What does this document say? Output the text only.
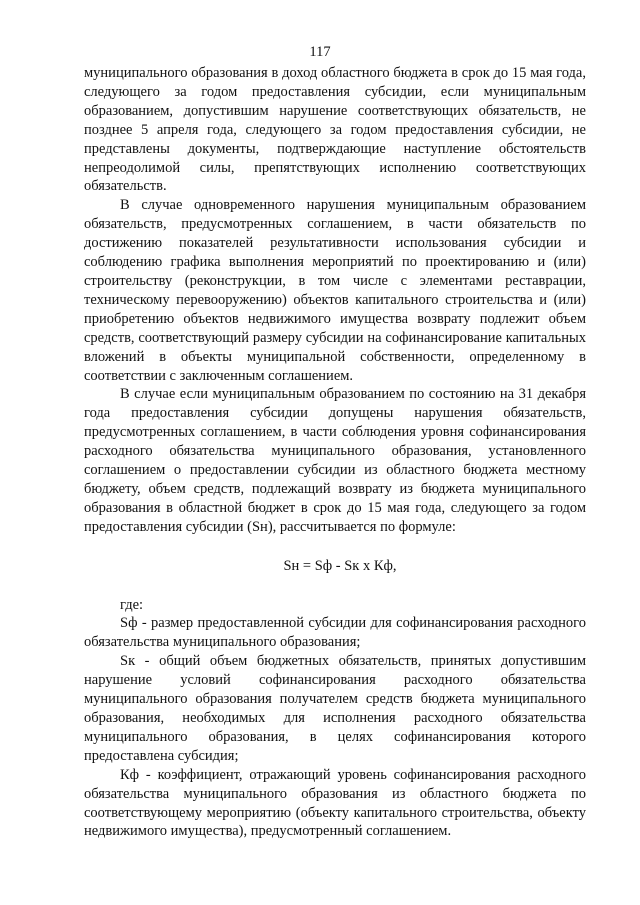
117

муниципального образования в доход областного бюджета в срок до 15 мая года, следующего за годом предоставления субсидии, если муниципальным образованием, допустившим нарушение соответствующих обязательств, не позднее 5 апреля года, следующего за годом предоставления субсидии, не представлены документы, подтверждающие наступление обстоятельств непреодолимой силы, препятствующих исполнению соответствующих обязательств.

В случае одновременного нарушения муниципальным образованием обязательств, предусмотренных соглашением, в части обязательств по достижению показателей результативности использования субсидии и соблюдению графика выполнения мероприятий по проектированию и (или) строительству (реконструкции, в том числе с элементами реставрации, техническому перевооружению) объектов капитального строительства и (или) приобретению объектов недвижимого имущества возврату подлежит объем средств, соответствующий размеру субсидии на софинансирование капитальных вложений в объекты муниципальной собственности, определенному в соответствии с заключенным соглашением.

В случае если муниципальным образованием по состоянию на 31 декабря года предоставления субсидии допущены нарушения обязательств, предусмотренных соглашением, в части соблюдения уровня софинансирования расходного обязательства муниципального образования, установленного соглашением о предоставлении субсидии из областного бюджета местному бюджету, объем средств, подлежащий возврату из бюджета муниципального образования в областной бюджет в срок до 15 мая года, следующего за годом предоставления субсидии (Sн), рассчитывается по формуле:

Sн = Sф - Sк x Кф,

где:

Sф - размер предоставленной субсидии для софинансирования расходного обязательства муниципального образования;

Sк - общий объем бюджетных обязательств, принятых допустившим нарушение условий софинансирования расходного обязательства муниципального образования получателем средств бюджета муниципального образования, необходимых для исполнения расходного обязательства муниципального образования, в целях софинансирования которого предоставлена субсидия;

Кф - коэффициент, отражающий уровень софинансирования расходного обязательства муниципального образования из областного бюджета по соответствующему мероприятию (объекту капитального строительства, объекту недвижимого имущества), предусмотренный соглашением.
